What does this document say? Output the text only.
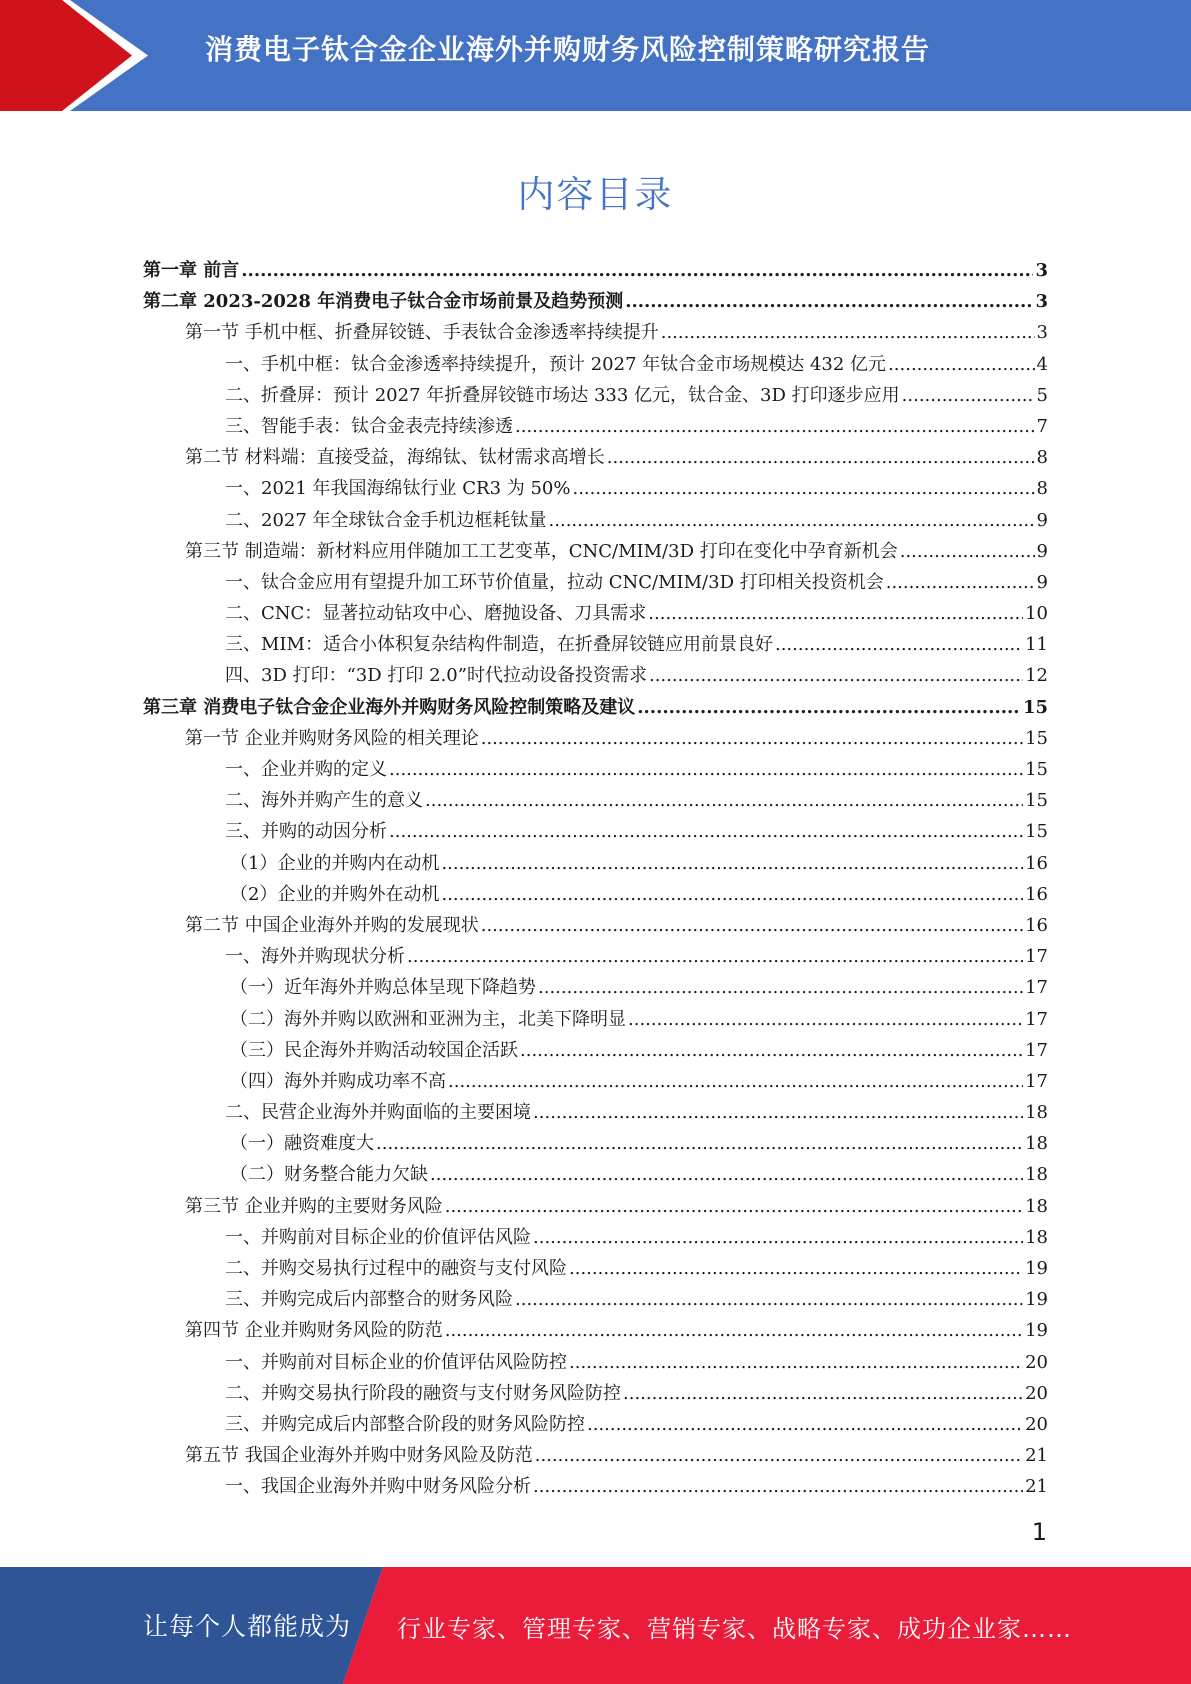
消费电子钛合金企业海外并购财务风险控制策略研究报告
内容目录
第一章 前言 .....	3
第二章 2023-2028 年消费电子钛合金市场前景及趋势预测 .....	3
第一节 手机中框、折叠屏铰链、手表钛合金渗透率持续提升 .....	3
一、手机中框：钛合金渗透率持续提升，预计 2027 年钛合金市场规模达 432 亿元 .....	4
二、折叠屏：预计 2027 年折叠屏铰链市场达 333 亿元，钛合金、3D 打印逐步应用 .....	5
三、智能手表：钛合金表壳持续渗透 .....	7
第二节 材料端：直接受益，海绵钛、钛材需求高增长 .....	8
一、2021 年我国海绵钛行业 CR3 为 50% .....	8
二、2027 年全球钛合金手机边框耗钛量 .....	9
第三节 制造端：新材料应用伴随加工工艺变革，CNC/MIM/3D 打印在变化中孕育新机会 .....	9
一、钛合金应用有望提升加工环节价值量，拉动 CNC/MIM/3D 打印相关投资机会 .....	9
二、CNC：显著拉动钻攻中心、磨抛设备、刀具需求 .....	10
三、MIM：适合小体积复杂结构件制造，在折叠屏铰链应用前景良好 .....	11
四、3D 打印：“3D 打印 2.0”时代拉动设备投资需求 .....	12
第三章 消费电子钛合金企业海外并购财务风险控制策略及建议 .....	15
第一节 企业并购财务风险的相关理论 .....	15
一、企业并购的定义 .....	15
二、海外并购产生的意义 .....	15
三、并购的动因分析 .....	15
（1）企业的并购内在动机 .....	16
（2）企业的并购外在动机 .....	16
第二节 中国企业海外并购的发展现状 .....	16
一、海外并购现状分析 .....	17
（一）近年海外并购总体呈现下降趋势 .....	17
（二）海外并购以欧洲和亚洲为主，北美下降明显 .....	17
（三）民企海外并购活动较国企活跃 .....	17
（四）海外并购成功率不高 .....	17
二、民营企业海外并购面临的主要困境 .....	18
（一）融资难度大 .....	18
（二）财务整合能力欠缺 .....	18
第三节 企业并购的主要财务风险 .....	18
一、并购前对目标企业的价值评估风险 .....	18
二、并购交易执行过程中的融资与支付风险 .....	19
三、并购完成后内部整合的财务风险 .....	19
第四节 企业并购财务风险的防范 .....	19
一、并购前对目标企业的价值评估风险防控 .....	20
二、并购交易执行阶段的融资与支付财务风险防控 .....	20
三、并购完成后内部整合阶段的财务风险防控 .....	20
第五节 我国企业海外并购中财务风险及防范 .....	21
一、我国企业海外并购中财务风险分析 .....	21
1
让每个人都能成为 行业专家、管理专家、营销专家、战略专家、成功企业家……
